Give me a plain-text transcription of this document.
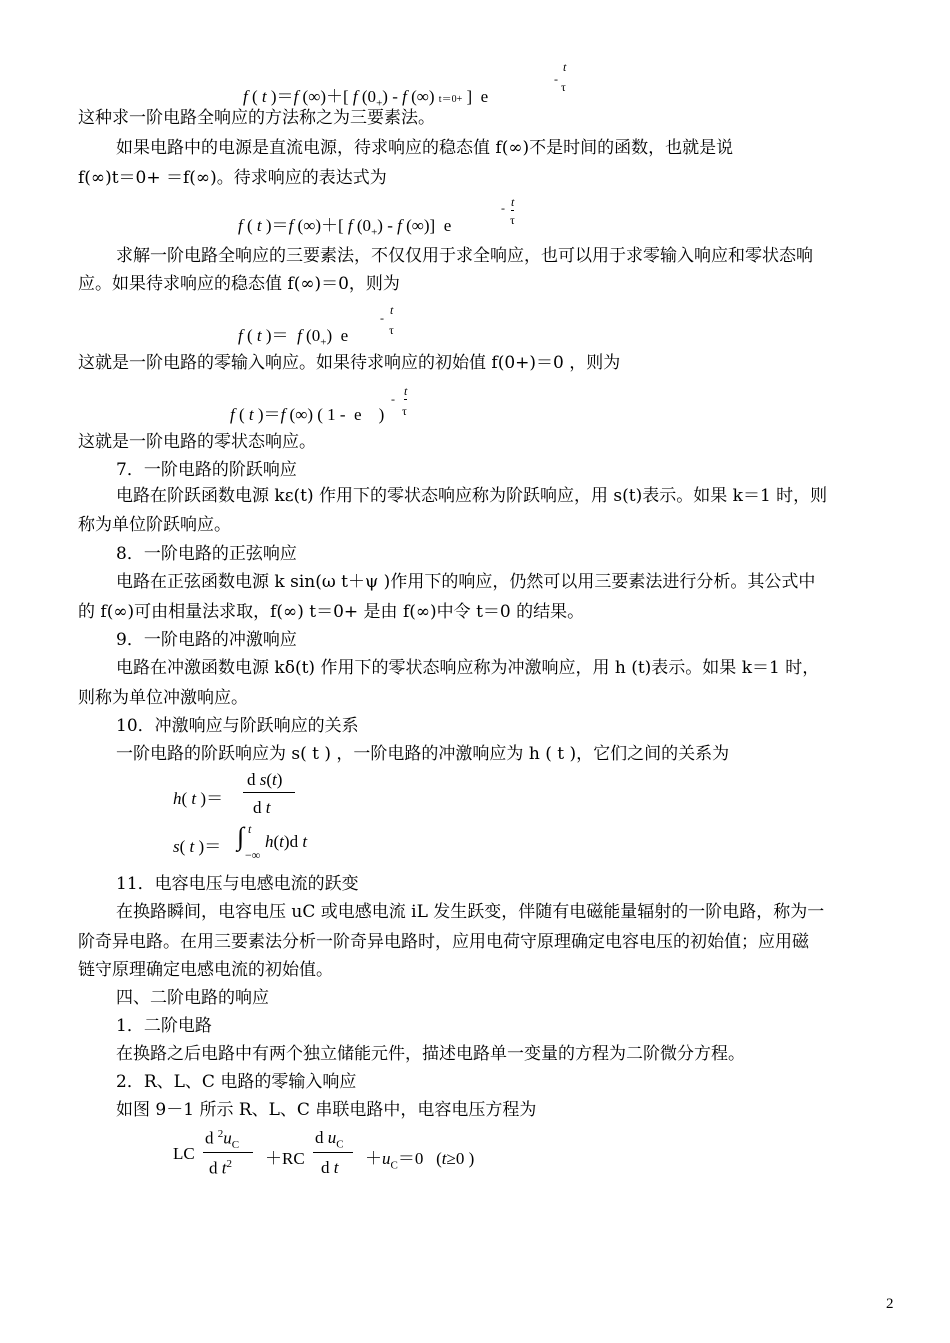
f ( t )＝f (∞)＋[ f $(0_+)$ - f (∞) t＝0+ ]  e
-
t
τ
这种求一阶电路全响应的方法称之为三要素法。
如果电路中的电源是直流电源，待求响应的稳态值 f(∞)不是时间的函数，也就是说
f(∞)t＝0+ ＝f(∞)。待求响应的表达式为
f ( t )＝f (∞)＋[ f $(0_+)$ - f (∞)]  e
- t
τ
求解一阶电路全响应的三要素法，不仅仅用于求全响应，也可以用于求零输入响应和零状态响
应。如果待求响应的稳态值 f(∞)＝0，则为
f ( t )＝  f $(0_+)$  e
-
t
τ
这就是一阶电路的零输入响应。如果待求响应的初始值 f(0+)＝0 ，则为
f ( t )＝f (∞) ( 1 -  e    )
-
t
τ
这就是一阶电路的零状态响应。
7．一阶电路的阶跃响应
电路在阶跃函数电源 kε(t) 作用下的零状态响应称为阶跃响应，用 s(t)表示。如果 k＝1 时，则
称为单位阶跃响应。
8．一阶电路的正弦响应
电路在正弦函数电源 k sin(ω t＋ψ )作用下的响应，仍然可以用三要素法进行分析。其公式中
的 f(∞)可由相量法求取，f(∞) t＝0+ 是由 f(∞)中令 t＝0 的结果。
9．一阶电路的冲激响应
电路在冲激函数电源 kδ(t) 作用下的零状态响应称为冲激响应，用 h (t)表示。如果 k＝1 时，
则称为单位冲激响应。
10．冲激响应与阶跃响应的关系
一阶电路的阶跃响应为 s( t ) ，一阶电路的冲激响应为 h ( t )，它们之间的关系为
h( t )＝
d s(t)
d t
s( t )＝ ∫ t
−∞
h(t)d t
11．电容电压与电感电流的跃变
在换路瞬间，电容电压 uC 或电感电流 iL 发生跃变，伴随有电磁能量辐射的一阶电路，称为一
阶奇异电路。在用三要素法分析一阶奇异电路时，应用电荷守原理确定电容电压的初始值；应用磁
链守原理确定电感电流的初始值。
四、二阶电路的响应
1．二阶电路
在换路之后电路中有两个独立储能元件，描述电路单一变量的方程为二阶微分方程。
2．R、L、C 电路的零输入响应
如图 9－1 所示 R、L、C 串联电路中，电容电压方程为
LC
d $^2u_C$
d $t^2 +RC$
d $u_C$
d $t +u_C=0$   (t≥0 )
2
